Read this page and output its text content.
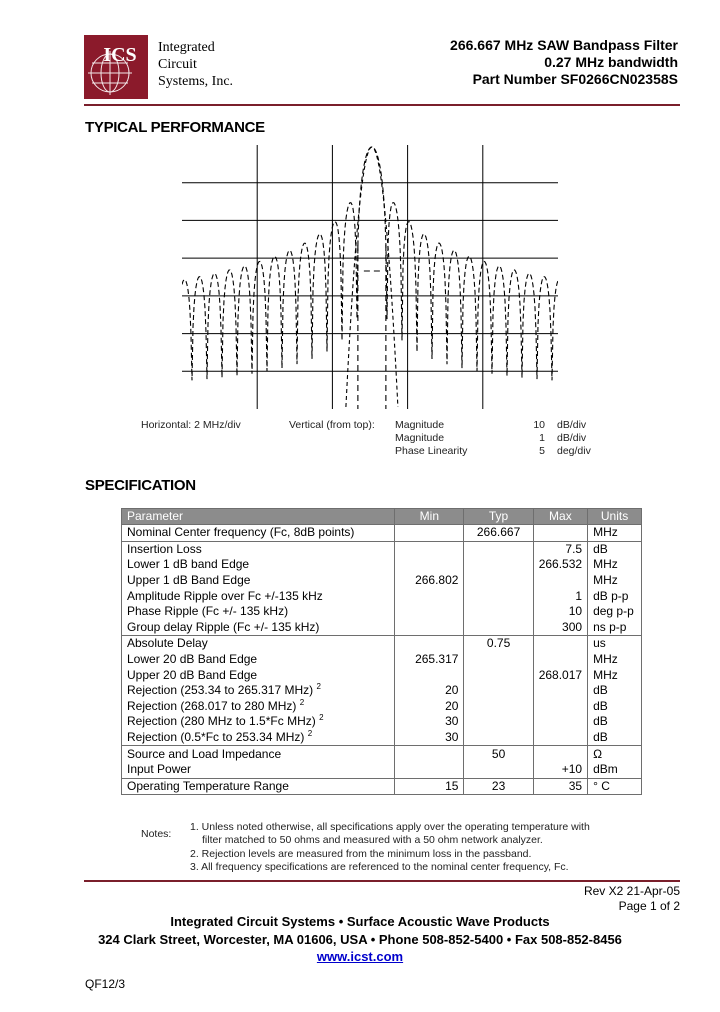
ICS Integrated
Circuit
Systems, Inc.
266.667 MHz SAW Bandpass Filter
0.27 MHz bandwidth
Part Number SF0266CN02358S
TYPICAL PERFORMANCE
Horizontal: 2 MHz/div	Vertical (from top): Magnitude	10 dB/div
Magnitude	1 dB/div
Phase Linearity	5 deg/div
SPECIFICATION
Parameter	Min	Typ	Max	Units
Nominal Center frequency (Fc, 8dB points)		266.667		MHz
Insertion Loss			7.5	dB
Lower 1 dB band Edge			266.532	MHz
Upper 1 dB Band Edge	266.802			MHz
Amplitude Ripple over Fc +/-135 kHz			1	dB p-p
Phase Ripple (Fc +/- 135 kHz)			10	deg p-p
Group delay Ripple (Fc +/- 135 kHz)			300	ns p-p
Absolute Delay		0.75		us
Lower 20 dB Band Edge	265.317			MHz
Upper 20 dB Band Edge			268.017	MHz
Rejection (253.34 to 265.317 MHz) $^2$	20			dB
Rejection (268.017 to 280 MHz) $^2$	20			dB
Rejection (280 MHz to 1.5*Fc MHz) $^2$	30			dB
Rejection (0.5*Fc to 253.34 MHz) $^2$	30			dB
Source and Load Impedance		50		Ω
Input Power			+10	dBm
Operating Temperature Range	15	23	35	° C
Notes:
1. Unless noted otherwise, all specifications apply over the operating temperature with
filter matched to 50 ohms and measured with a 50 ohm network analyzer.
2. Rejection levels are measured from the minimum loss in the passband.
3. All frequency specifications are referenced to the nominal center frequency, Fc.
Rev X2 21-Apr-05
Page 1 of 2
Integrated Circuit Systems • Surface Acoustic Wave Products
324 Clark Street, Worcester, MA 01606, USA • Phone 508-852-5400 • Fax 508-852-8456
www.icst.com
QF12/3
